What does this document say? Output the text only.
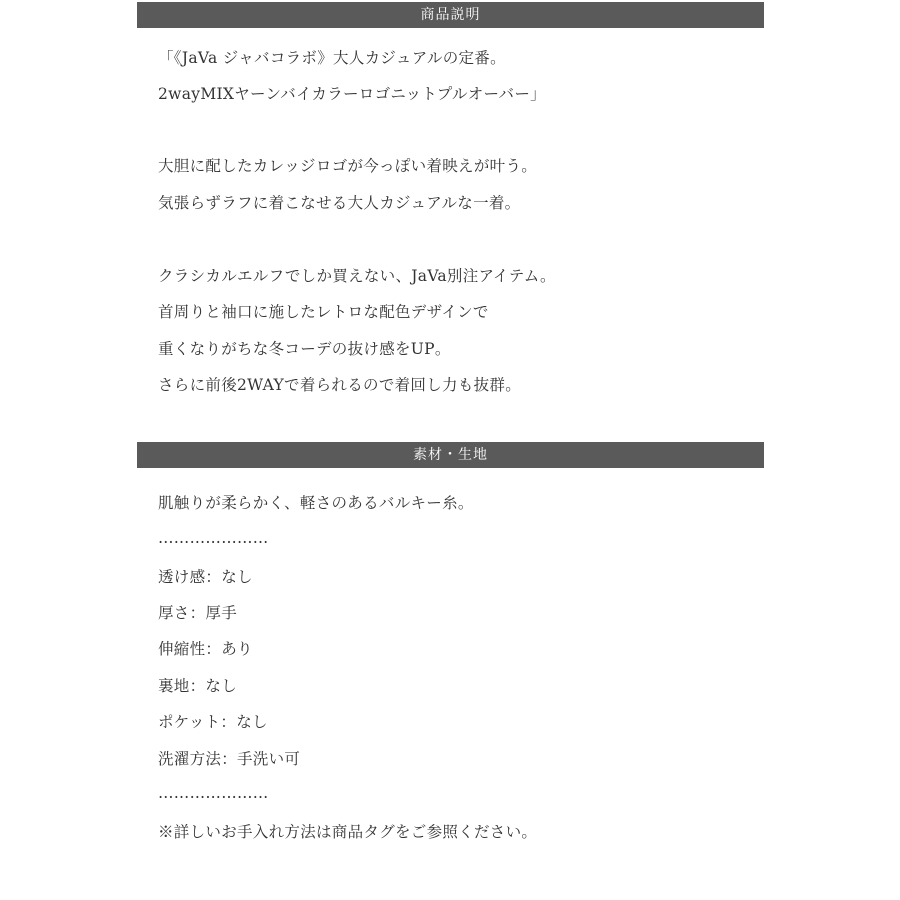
商品説明
「《JaVa ジャバコラボ》大人カジュアルの定番。
2wayMIXヤーンバイカラーロゴニットプルオーバー」
大胆に配したカレッジロゴが今っぽい着映えが叶う。
気張らずラフに着こなせる大人カジュアルな一着。
クラシカルエルフでしか買えない、JaVa別注アイテム。
首周りと袖口に施したレトロな配色デザインで
重くなりがちな冬コーデの抜け感をUP。
さらに前後2WAYで着られるので着回し力も抜群。
素材・生地
肌触りが柔らかく、軽さのあるバルキー糸。
…………………
透け感：なし
厚さ：厚手
伸縮性：あり
裏地：なし
ポケット：なし
洗濯方法：手洗い可
…………………
※詳しいお手入れ方法は商品タグをご参照ください。
